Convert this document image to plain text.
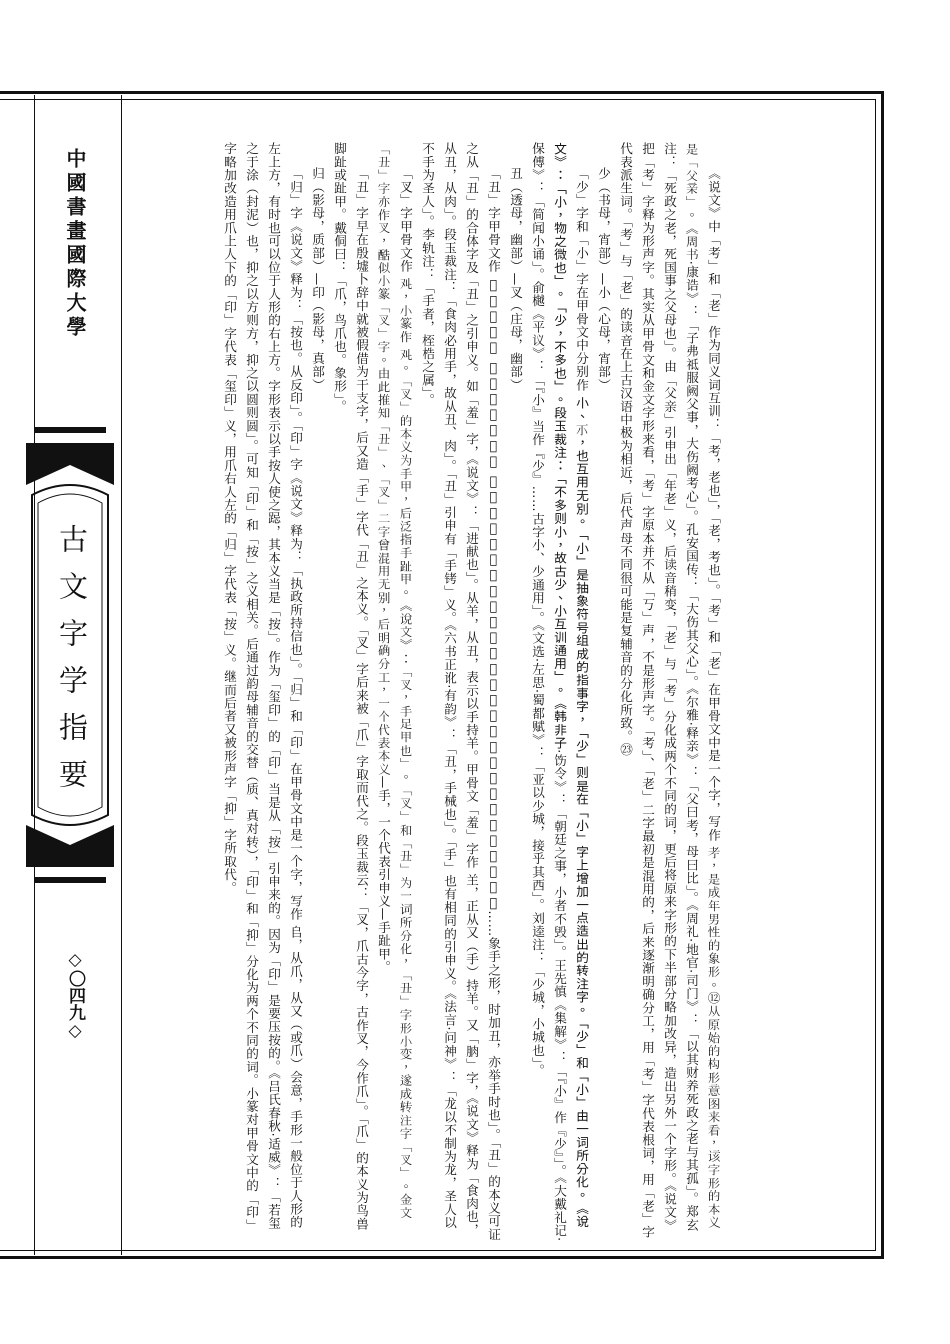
中國書畫國際大學
古文字学指要
◇〇四九◇	《说文》中「考」和「老」作为同义词互训：「考，老也」，「老，考也」。「考」和「老」在甲骨文中是一个字，写作 𦒱，是成年男性的象形。⑫从原始的构形意图来看，该字形的本义是「父亲」。《周书·康诰》：「子弗祗服阙父事，大伤阙考心」。孔安国传：「大伤其父心」。《尔雅·释亲》：「父曰考，母曰比」。《周礼·地官·司门》：「以其财养死政之老与其孤」。郑玄注：「死政之老，死国事之父母也」。由「父亲」引申出「年老」义，后读音稍变，「老」与「考」分化成两个不同的词，更后将原来字形的下半部分略加改异，造出另外一个字形。《说文》把「考」字释为形声字。其实从甲骨文和金文字形来看，「考」字原本并不从「丂」声，不是形声字。「考」、「老」二字最初是混用的，后来逐渐明确分工，用「考」字代表根词，用「老」字代表派生词。「考」与「老」的读音在上古汉语中极为相近，后代声母不同很可能是复辅音的分化所致。㉓

少（书母，宵部）—小（心母，宵部）

「少」字和「小」字在甲骨文中分别作 𡭔、𡭕，也互用无别。「小」是抽象符号组成的指事字，「少」则是在「小」字上增加一点造出的转注字。「少」和「小」由一词所分化。《说文》：「小，物之微也」。「少，不多也」。段玉裁注：「不多则小，故古少、小互训通用」。《韩非子·饬令》：「朝廷之事，小者不毁」。王先慎《集解》：「『小』作『少』」。《大戴礼记·保傅》：「简闻小诵」。俞樾《平议》：「『小』当作『少』……古字小、少通用」。《文选·左思·蜀都赋》：「亚以少城，接乎其西」。刘逵注：「少城，小城也」。

丑（透母，幽部）—叉（庄母，幽部）

「丑」字甲骨文作 𠃢，金文作 𠃢、𠃢，小篆作 𠃢。「丑」为手之初文，象屈指手形。《说文》：「丑，纽也。……象手之形，时加丑，亦举手时也」。「丑」的本义可证之从「丑」的合体字及「丑」之引申义。如「羞」字，《说文》：「进献也」。从羊，从丑，表示以手持羊。甲骨文「羞」字作 𦍌，正从又（手）持羊。又「朒」字，《说文》释为「食肉也，从丑，从肉」。段玉裁注：「食肉必用手，故从丑、肉」。「丑」引申有「手铐」义。《六书正讹·有韵》：「丑，手械也」。「手」也有相同的引申义。《法言·问神》：「龙以不制为龙，圣人以不手为圣人」。李轨注：「手者，桎梏之属」。

「叉」字甲骨文作 𠬜，小篆作 𠬜。「叉」的本义为手甲，后泛指手趾甲。《说文》：「叉，手足甲也」。「叉」和「丑」为一词所分化，「丑」字形小变，遂成转注字「叉」。金文「丑」字亦作叉，酷似小篆「叉」字。由此推知「丑」、「叉」二字曾混用无别，后明确分工，一个代表本义—手，一个代表引申义—手趾甲。

「丑」字早在殷墟卜辞中就被假借为干支字，后又造「手」字代「丑」之本义。「叉」字后来被「爪」字取而代之。段玉裁云：「叉，爪古今字，古作叉，今作爪」。「爪」的本义为鸟兽脚趾或趾甲。戴侗曰：「爪，鸟爪也。象形」。

归（影母，质部）—印（影母，真部）

「归」字《说文》释为：「按也。从反印」。「印」字《说文》释为：「执政所持信也」。「归」和「印」在甲骨文中是一个字，写作 𠂤，从爪，从又（或爪）会意，手形一般位于人形的左上方，有时也可以位于人形的右上方。字形表示以手按人使之跽，其本义当是「按」。作为「玺印」的「印」当是从「按」引申来的。因为「印」是要压按的。《吕氏春秋·适威》：「若玺之于涂（封泥）也，抑之以方则方，抑之以圆则圆」。可知「印」和「按」之义相关。后通过韵母辅音的交替（质、真对转），「印」和「抑」分化为两个不同的词。小篆对甲骨文中的「印」字略加改造用爪上人下的「印」字代表「玺印」义，用爪右人左的「归」字代表「按」义。继而后者又被形声字「抑」字所取代。
